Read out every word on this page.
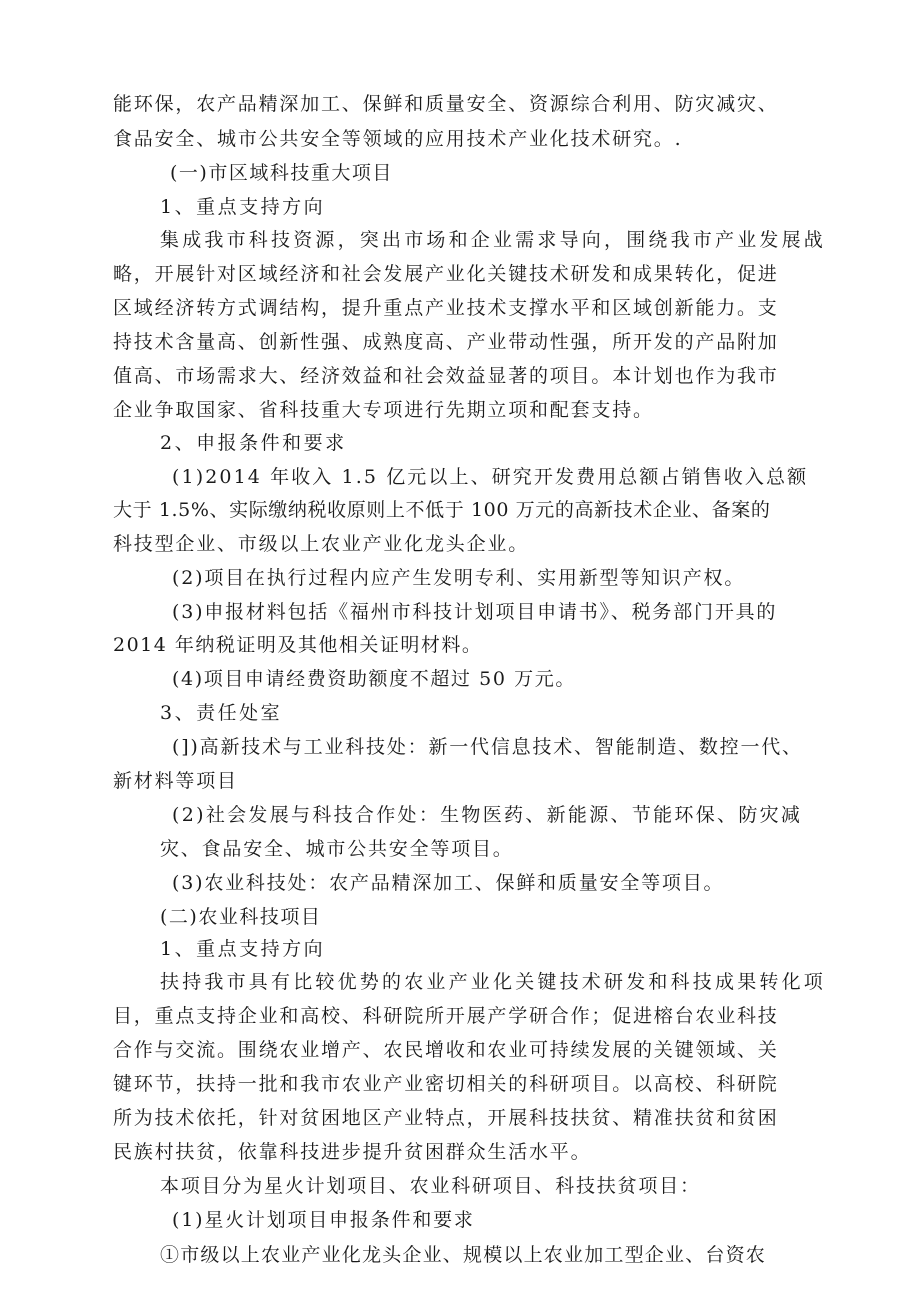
能环保，农产品精深加工、保鲜和质量安全、资源综合利用、防灾减灾、
食品安全、城市公共安全等领域的应用技术产业化技术研究。.
(一)市区域科技重大项目
1、重点支持方向
集成我市科技资源，突出市场和企业需求导向，围绕我市产业发展战
略，开展针对区域经济和社会发展产业化关键技术研发和成果转化，促进
区域经济转方式调结构，提升重点产业技术支撑水平和区域创新能力。支
持技术含量高、创新性强、成熟度高、产业带动性强，所开发的产品附加
值高、市场需求大、经济效益和社会效益显著的项目。本计划也作为我市
企业争取国家、省科技重大专项进行先期立项和配套支持。
2、申报条件和要求
(1)2014 年收入 1.5 亿元以上、研究开发费用总额占销售收入总额
大于 1.5%、实际缴纳税收原则上不低于 100 万元的高新技术企业、备案的
科技型企业、市级以上农业产业化龙头企业。
(2)项目在执行过程内应产生发明专利、实用新型等知识产权。
(3)申报材料包括《福州市科技计划项目申请书》、税务部门开具的
2014 年纳税证明及其他相关证明材料。
(4)项目申请经费资助额度不超过 50 万元。
3、责任处室
(])高新技术与工业科技处：新一代信息技术、智能制造、数控一代、
新材料等项目
(2)社会发展与科技合作处：生物医药、新能源、节能环保、防灾减
灾、食品安全、城市公共安全等项目。
(3)农业科技处：农产品精深加工、保鲜和质量安全等项目。
(二)农业科技项目
1、重点支持方向
扶持我市具有比较优势的农业产业化关键技术研发和科技成果转化项
目，重点支持企业和高校、科研院所开展产学研合作；促进榕台农业科技
合作与交流。围绕农业增产、农民增收和农业可持续发展的关键领域、关
键环节，扶持一批和我市农业产业密切相关的科研项目。以高校、科研院
所为技术依托，针对贫困地区产业特点，开展科技扶贫、精准扶贫和贫困
民族村扶贫，依靠科技进步提升贫困群众生活水平。
本项目分为星火计划项目、农业科研项目、科技扶贫项目：
(1)星火计划项目申报条件和要求
①市级以上农业产业化龙头企业、规模以上农业加工型企业、台资农
